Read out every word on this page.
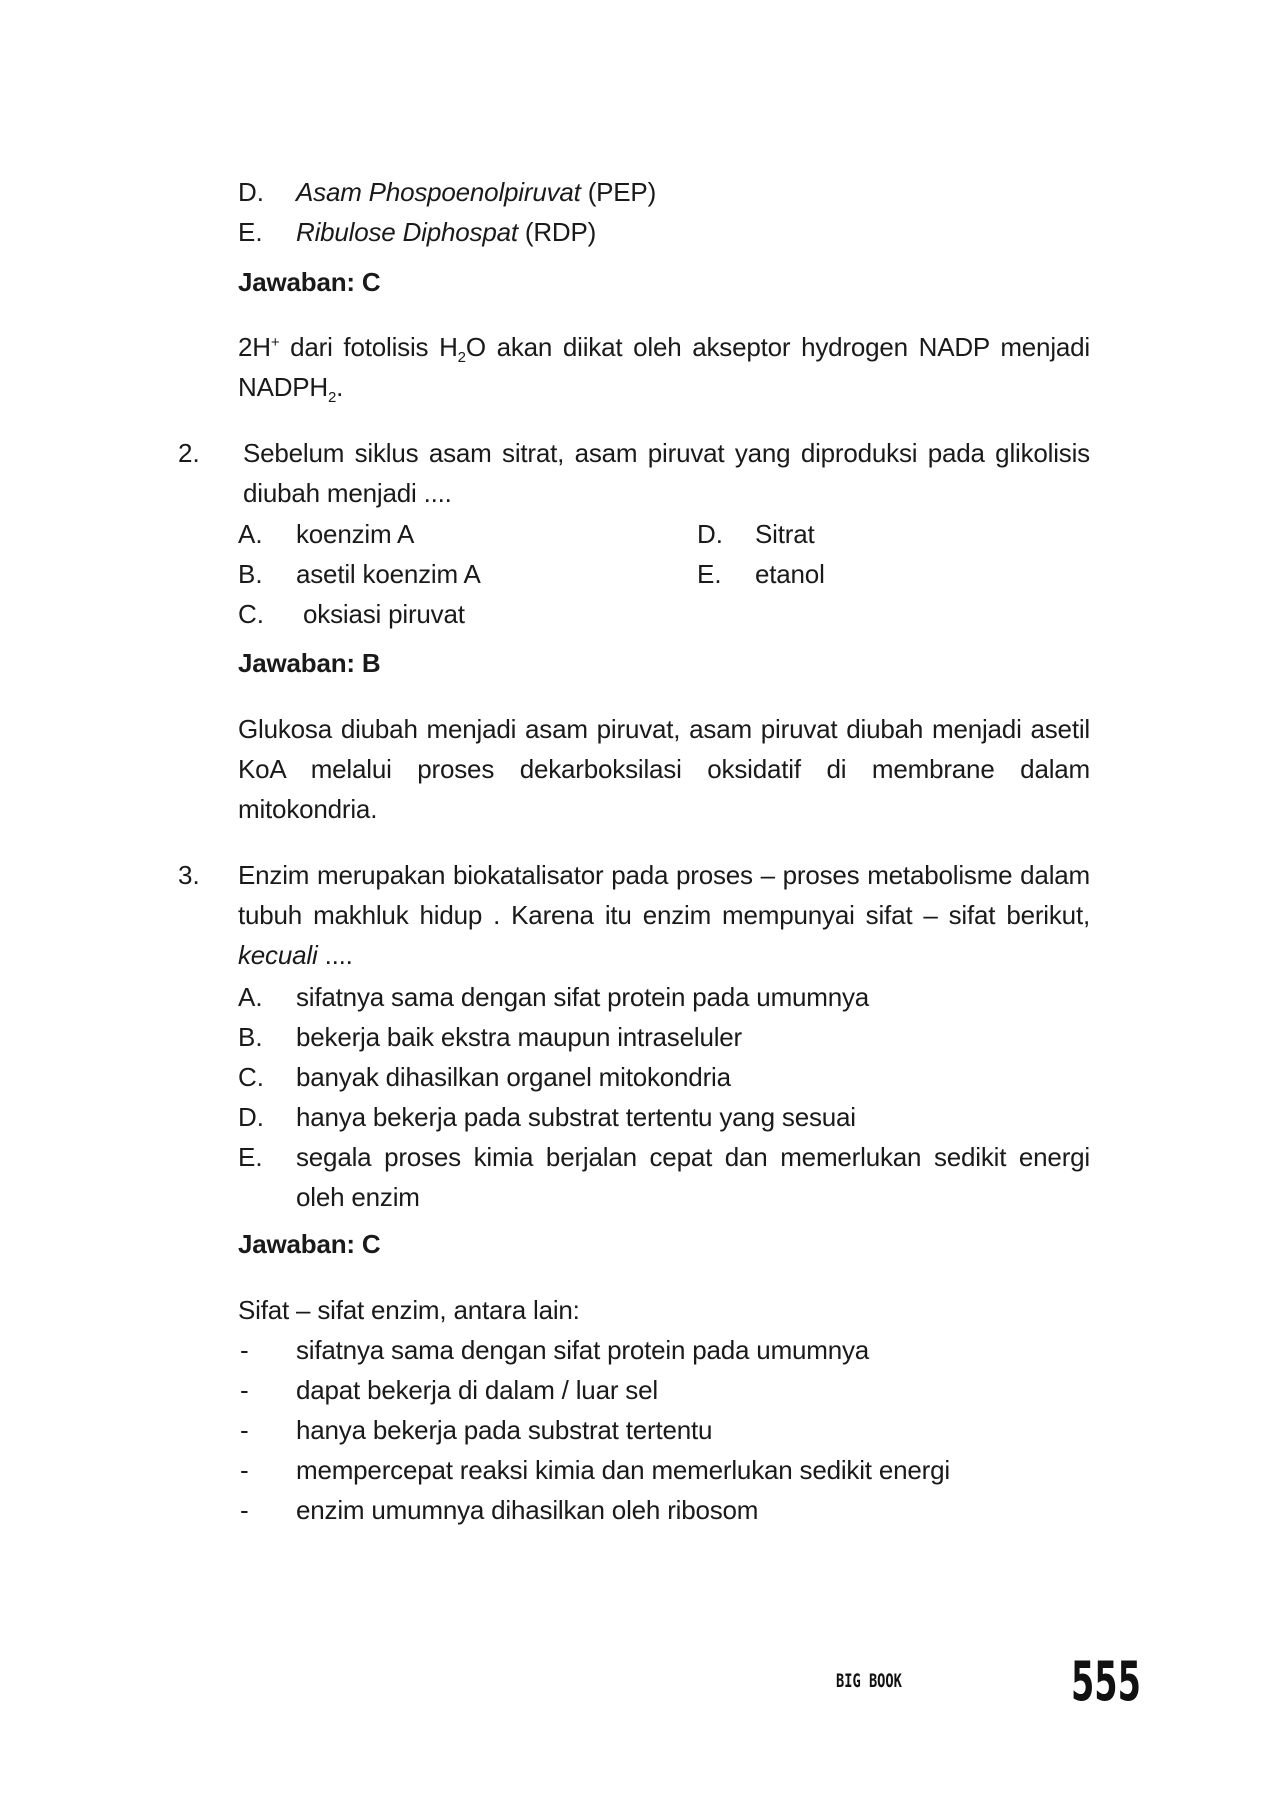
D. Asam Phospoenolpiruvat (PEP)
E. Ribulose Diphospat (RDP)
Jawaban: C
2H+ dari fotolisis $H_2O$ akan diikat oleh akseptor hydrogen NADP menjadi $NADPH_2$.
2. Sebelum siklus asam sitrat, asam piruvat yang diproduksi pada glikolisis diubah menjadi ....
A. koenzim A
B. asetil koenzim A
C. oksiasi piruvat
D. Sitrat
E. etanol
Jawaban: B
Glukosa diubah menjadi asam piruvat, asam piruvat diubah menjadi asetil KoA melalui proses dekarboksilasi oksidatif di membrane dalam mitokondria.
3. Enzim merupakan biokatalisator pada proses – proses metabolisme dalam tubuh makhluk hidup . Karena itu enzim mempunyai sifat – sifat berikut, kecuali ....
A. sifatnya sama dengan sifat protein pada umumnya
B. bekerja baik ekstra maupun intraseluler
C. banyak dihasilkan organel mitokondria
D. hanya bekerja pada substrat tertentu yang sesuai
E. segala proses kimia berjalan cepat dan memerlukan sedikit energi oleh enzim
Jawaban: C
Sifat – sifat enzim, antara lain:
- sifatnya sama dengan sifat protein pada umumnya
- dapat bekerja di dalam / luar sel
- hanya bekerja pada substrat tertentu
- mempercepat reaksi kimia dan memerlukan sedikit energi
- enzim umumnya dihasilkan oleh ribosom
BIG BOOK	555
